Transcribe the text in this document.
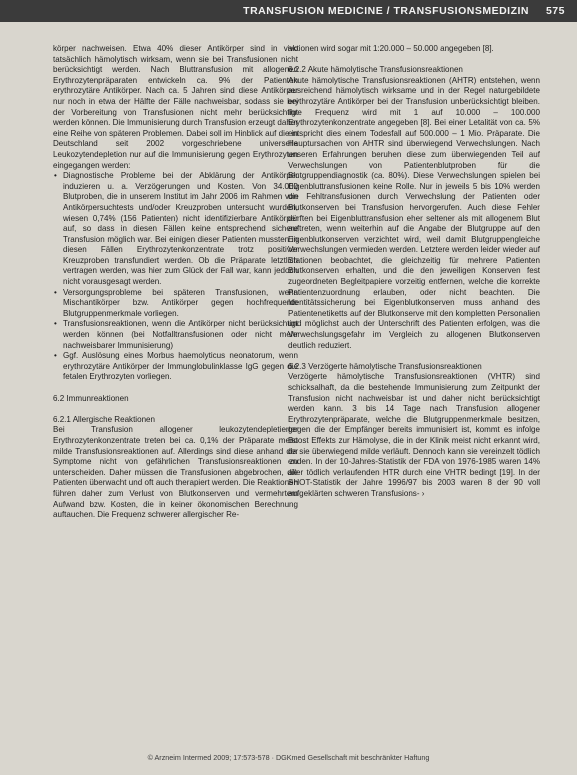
TRANSFUSION MEDICINE / TRANSFUSIONSMEDIZIN 575

körper nachweisen. Etwa 40% dieser Antikörper sind in vivo tatsächlich hämolytisch wirksam, wenn sie bei Transfusionen nicht berücksichtigt werden. Nach Bluttransfusion mit allogenen Erythrozytenpräparaten entwickeln ca. 9% der Patienten erythrozytäre Antikörper. Nach ca. 5 Jahren sind diese Antikörper nur noch in etwa der Hälfte der Fälle nachweisbar, sodass sie bei der Vorbereitung von Transfusionen nicht mehr berücksichtigt werden können. Die Immunisierung durch Transfusion erzeugt daher eine Reihe von späteren Problemen. Dabei soll im Hinblick auf die in Deutschland seit 2002 vorgeschriebene universelle Leukozytendepletion nur auf die Immunisierung gegen Erythrozyten eingegangen werden:

• Diagnostische Probleme bei der Abklärung der Antikörper induzieren u. a. Verzögerungen und Kosten. Von 34.000 Blutproben, die in unserem Institut im Jahr 2006 im Rahmen von Antikörpersuchtests und/oder Kreuzproben untersucht wurden, wiesen 0,74% (156 Patienten) nicht identifizierbare Antikörper auf, so dass in diesen Fällen keine entsprechend sichere Transfusion möglich war. Bei einigen dieser Patienten mussten in diesen Fällen Erythrozytenkonzentrate trotz positiver Kreuzproben transfundiert werden. Ob die Präparate letztlich vertragen werden, was hier zum Glück der Fall war, kann jedoch nicht vorausgesagt werden.
• Versorgungsprobleme bei späteren Transfusionen, wenn Mischantikörper bzw. Antikörper gegen hochfrequente Blutgruppenmerkmale vorliegen.
• Transfusionsreaktionen, wenn die Antikörper nicht berücksichtigt werden können (bei Notfalltransfusionen oder nicht mehr nachweisbarer Immunisierung)
• Ggf. Auslösung eines Morbus haemolyticus neonatorum, wenn erythrozytäre Antikörper der Immunglobulinklasse IgG gegen die fetalen Erythrozyten vorliegen.
6.2 Immunreaktionen
6.2.1 Allergische Reaktionen

Bei Transfusion allogener leukozytendepletierter Erythrozytenkonzentrate treten bei ca. 0,1% der Präparate meist milde Transfusionsreaktionen auf. Allerdings sind diese anhand der Symptome nicht von gefährlichen Transfusionsreaktionen zu unterscheiden. Daher müssen die Transfusionen abgebrochen, die Patienten überwacht und oft auch therapiert werden. Die Reaktionen führen daher zum Verlust von Blutkonserven und vermehrtem Aufwand bzw. Kosten, die in keiner ökonomischen Berechnung auftauchen. Die Frequenz schwerer allergischer Re-

aktionen wird sogar mit 1:20.000 – 50.000 angegeben [8].

6.2.2 Akute hämolytische Transfusionsreaktionen

Akute hämolytische Transfusionsreaktionen (AHTR) entstehen, wenn ausreichend hämolytisch wirksame und in der Regel naturgebildete erythrozytäre Antikörper bei der Transfusion unberücksichtigt bleiben. Ihre Frequenz wird mit 1 auf 10.000 – 100.000 Erythrozytenkonzentrate angegeben [8]. Bei einer Letalität von ca. 5% entspricht dies einem Todesfall auf 500.000 – 1 Mio. Präparate. Die Hauptursachen von AHTR sind überwiegend Verwechslungen. Nach unseren Erfahrungen beruhen diese zum überwiegenden Teil auf Verwechslungen von Patientenblutproben für die Blutgruppendiagnostik (ca. 80%). Diese Verwechslungen spielen bei Eigenbluttransfusionen keine Rolle. Nur in jeweils 5 bis 10% werden die Fehltransfusionen durch Verwechslung der Patienten oder Blutkonserven bei Transfusion hervorgerufen. Auch diese Fehler dürften bei Eigenbluttransfusion eher seltener als mit allogenem Blut auftreten, wenn weiterhin auf die Angabe der Blutgruppe auf den Eigenblutkonserven verzichtet wird, weil damit Blutgruppengleiche Verwechslungen vermieden werden. Letztere werden leider wieder auf Stationen beobachtet, die gleichzeitig für mehrere Patienten Blutkonserven erhalten, und die den jeweiligen Konserven fest zugeordneten Begleitpapiere vorzeitig entfernen, welche die korrekte Patientenzuordnung erlauben, oder nicht beachten. Die Identitätssicherung bei Eigenblutkonserven muss anhand des Patientenetiketts auf der Blutkonserve mit den kompletten Personalien und möglichst auch der Unterschrift des Patienten erfolgen, was die Verwechslungsgefahr im Vergleich zu allogenen Blutkonserven deutlich reduziert.

6.2.3 Verzögerte hämolytische Transfusionsreaktionen

Verzögerte hämolytische Transfusionsreaktionen (VHTR) sind schicksalhaft, da die bestehende Immunisierung zum Zeitpunkt der Transfusion nicht nachweisbar ist und daher nicht berücksichtigt werden kann. 3 bis 14 Tage nach Transfusion allogener Erythrozytenpräparate, welche die Blutgruppenmerkmale besitzen, gegen die der Empfänger bereits immunisiert ist, kommt es infolge Boost Effekts zur Hämolyse, die in der Klinik meist nicht erkannt wird, da sie überwiegend milde verläuft. Dennoch kann sie vereinzelt tödlich enden. In der 10-Jahres-Statistik der FDA von 1976-1985 waren 14% aller tödlich verlaufenden HTR durch eine VHTR bedingt [19]. In der SHOT-Statistik der Jahre 1996/97 bis 2003 waren 8 der 90 voll aufgeklärten schweren Transfusions- ›

© Arzneim Intermed 2009; 17:573-578 · DGKmed Gesellschaft mit beschränkter Haftung
